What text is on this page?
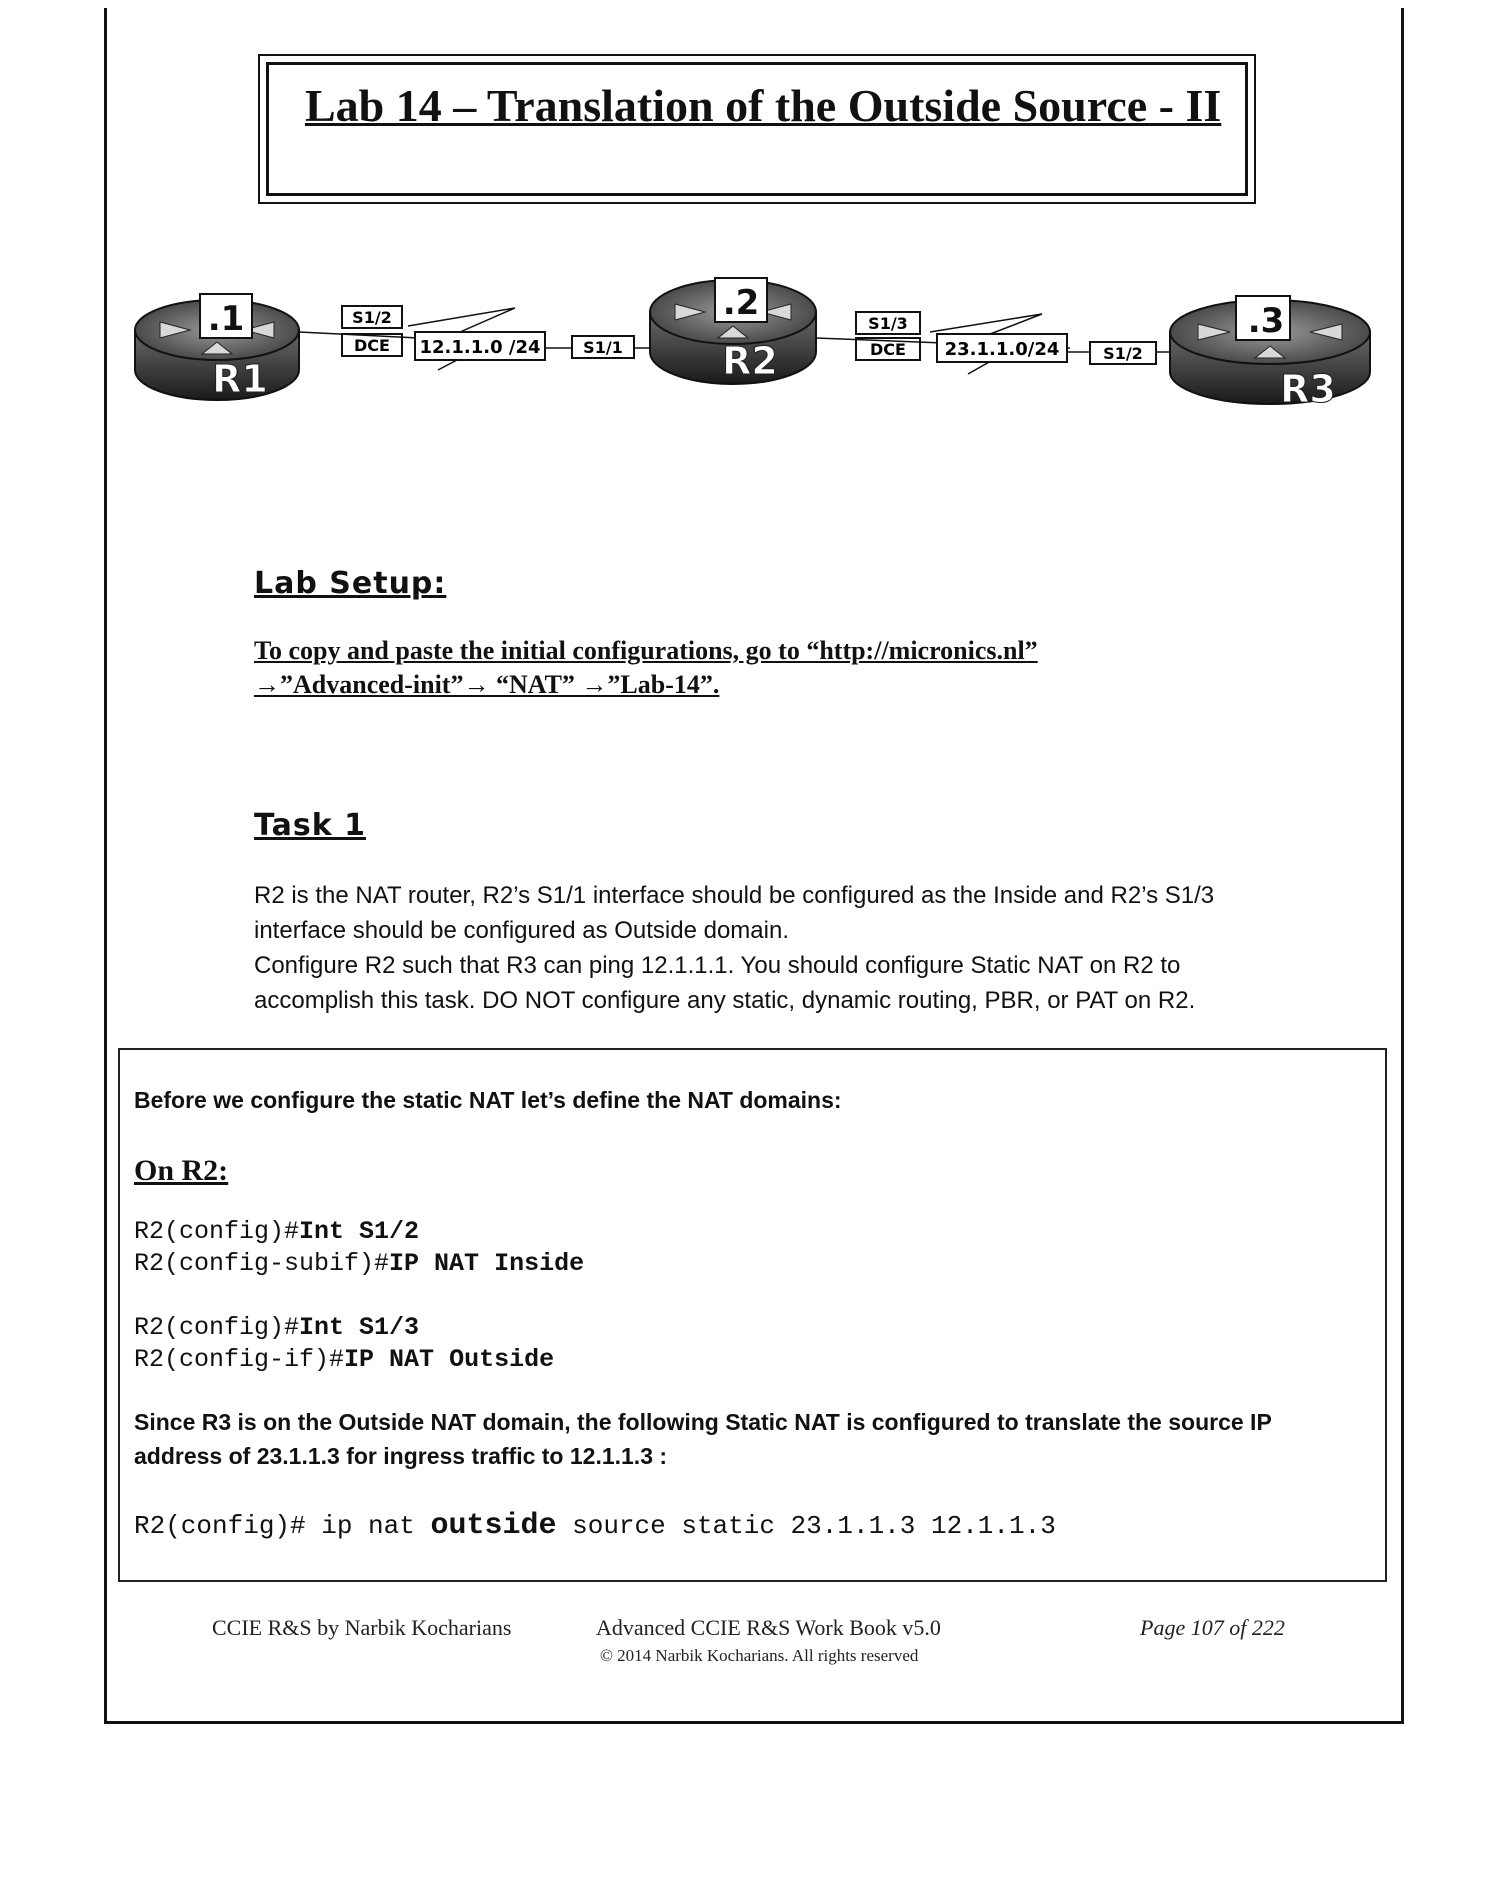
Lab 14 – Translation of the Outside Source - II
.1
R1
S1/2
DCE 12.1.1.0 /24	S1/1
.2
R2
S1/3
DCE 23.1.1.0/24	S1/2
.3
R3
Lab Setup:
To copy and paste the initial configurations, go to “http://micronics.nl”
→”Advanced-init”→ “NAT” →”Lab-14”.
Task 1

R2 is the NAT router, R2’s S1/1 interface should be configured as the Inside and R2’s S1/3 interface should be configured as Outside domain.

Configure R2 such that R3 can ping 12.1.1.1. You should configure Static NAT on R2 to accomplish this task. DO NOT configure any static, dynamic routing, PBR, or PAT on R2.

Before we configure the static NAT let’s define the NAT domains:
On R2:
R2(config)#Int S1/2
R2(config-subif)#IP NAT Inside
R2(config)#Int S1/3
R2(config-if)#IP NAT Outside
Since R3 is on the Outside NAT domain, the following Static NAT is configured to translate the source IP
address of 23.1.1.3 for ingress traffic to 12.1.1.3 :
R2(config)# ip nat outside source static 23.1.1.3 12.1.1.3
CCIE R&S by Narbik Kocharians	Advanced CCIE R&S Work Book v5.0
© 2014 Narbik Kocharians. All rights reserved
Page 107 of 222
